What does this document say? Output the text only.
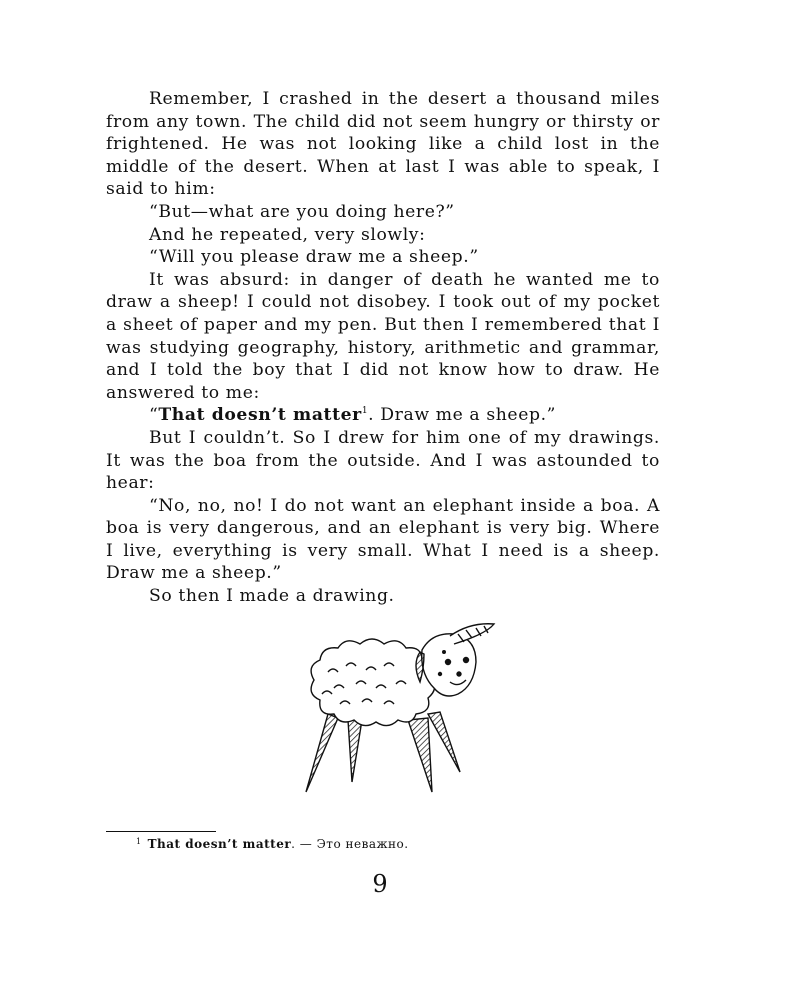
Remember, I crashed in the desert a thousand miles from any town. The child did not seem hungry or thirsty or frightened. He was not looking like a child lost in the middle of the desert. When at last I was able to speak, I said to him:

“But—what are you doing here?”

And he repeated, very slowly:

“Will you please draw me a sheep.”

It was absurd: in danger of death he wanted me to draw a sheep! I could not disobey. I took out of my pocket a sheet of paper and my pen. But then I remembered that I was studying geography, history, arithmetic and grammar, and I told the boy that I did not know how to draw. He answered to me:

“That doesn’t matter$^1$. Draw me a sheep.”

But I couldn’t. So I drew for him one of my drawings. It was the boa from the outside. And I was astounded to hear:

“No, no, no! I do not want an elephant inside a boa. A boa is very dangerous, and an elephant is very big. Where I live, everything is very small. What I need is a sheep. Draw me a sheep.”

So then I made a drawing.

$^1$ That doesn’t matter. — Это неважно.
9
